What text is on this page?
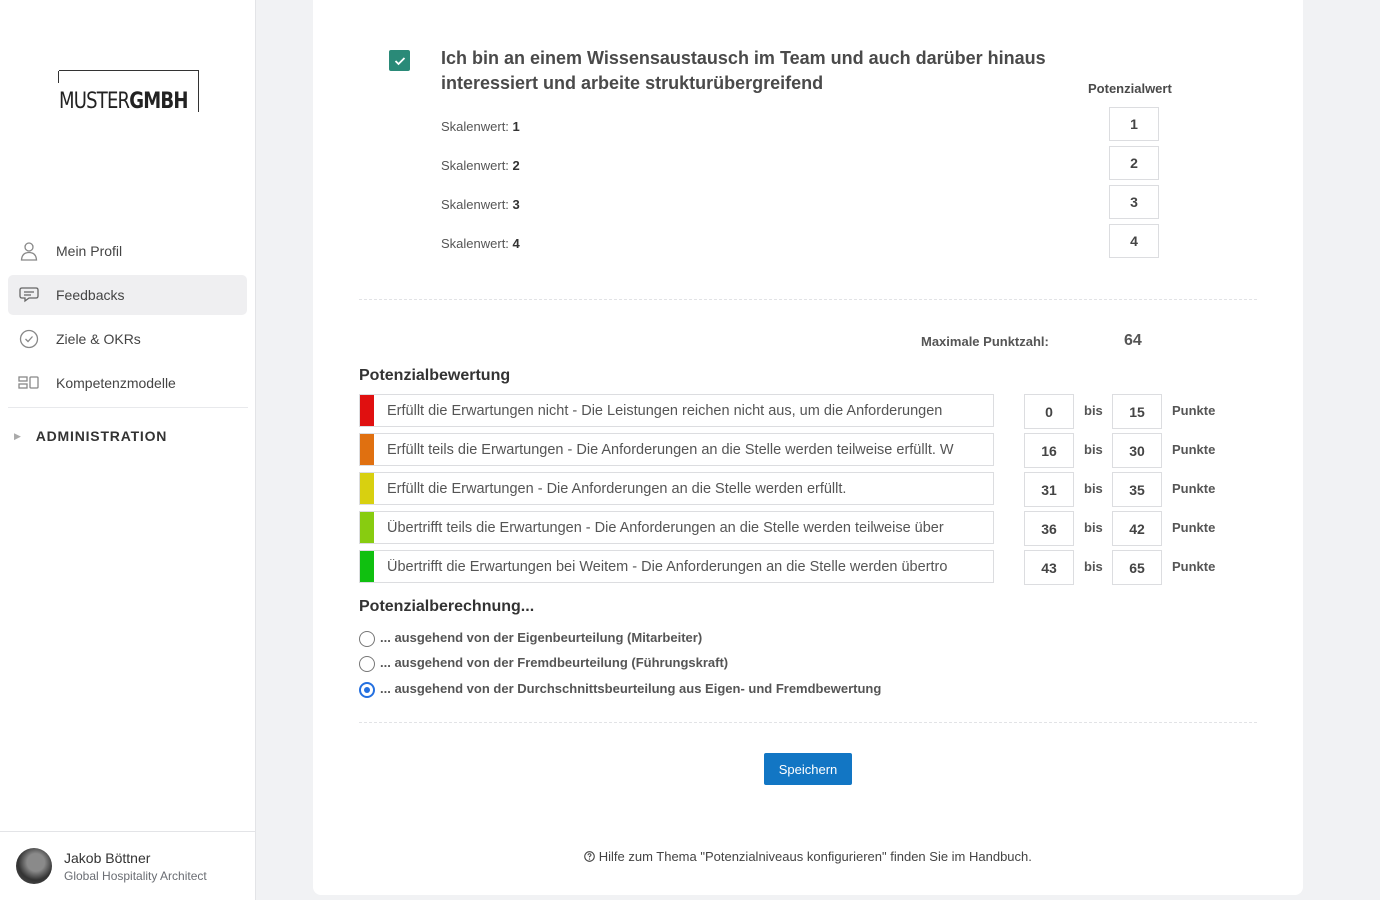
MUSTERGMBH
Mein Profil
Feedbacks
Ziele & OKRs
Kompetenzmodelle
▶ ADMINISTRATION
Jakob Böttner
Global Hospitality Architect
Ich bin an einem Wissensaustausch im Team und auch darüber hinaus interessiert und arbeite strukturübergreifend	Potenzialwert
Skalenwert: 1	1
Skalenwert: 2	2
Skalenwert: 3	3
Skalenwert: 4	4
Maximale Punktzahl:	64
Potenzialbewertung
Erfüllt die Erwartungen nicht - Die Leistungen reichen nicht aus, um die Anforderungen	0	bis	15	Punkte
Erfüllt teils die Erwartungen - Die Anforderungen an die Stelle werden teilweise erfüllt. W	16	bis	30	Punkte
Erfüllt die Erwartungen - Die Anforderungen an die Stelle werden erfüllt.	31	bis	35	Punkte
Übertrifft teils die Erwartungen - Die Anforderungen an die Stelle werden teilweise über	36	bis	42	Punkte
Übertrifft die Erwartungen bei Weitem - Die Anforderungen an die Stelle werden übertro	43	bis	65	Punkte
Potenzialberechnung...
... ausgehend von der Eigenbeurteilung (Mitarbeiter)
... ausgehend von der Fremdbeurteilung (Führungskraft)
... ausgehend von der Durchschnittsbeurteilung aus Eigen- und Fremdbewertung
Speichern
Hilfe zum Thema "Potenzialniveaus konfigurieren" finden Sie im Handbuch.
